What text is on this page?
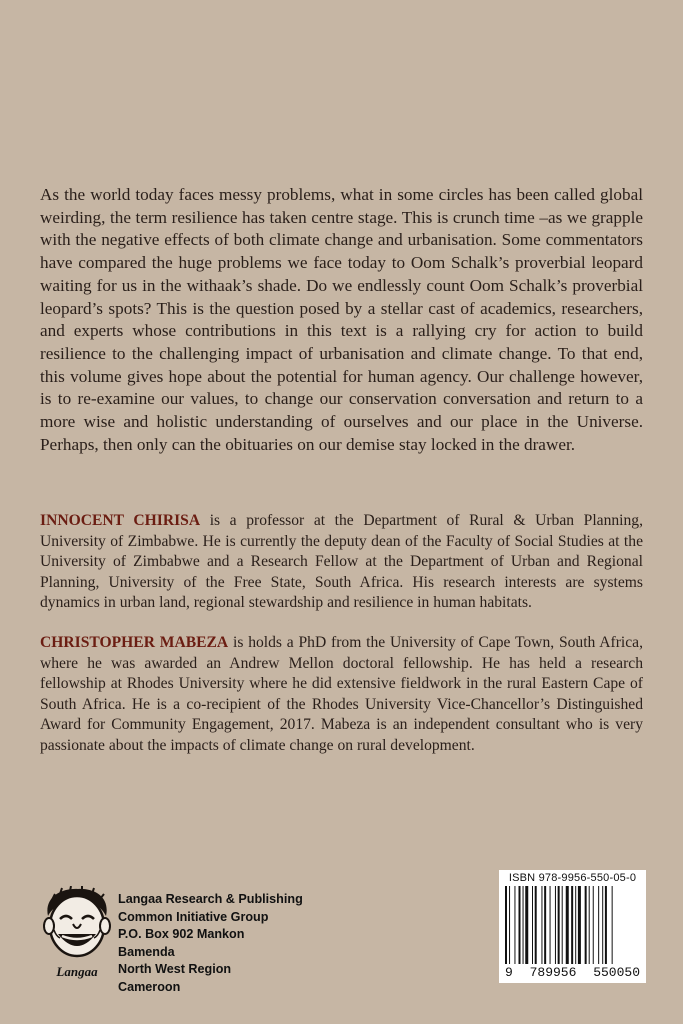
As the world today faces messy problems, what in some circles has been called global weirding, the term resilience has taken centre stage. This is crunch time –as we grapple with the negative effects of both climate change and urbanisation. Some commentators have compared the huge problems we face today to Oom Schalk’s proverbial leopard waiting for us in the withaak’s shade. Do we endlessly count Oom Schalk’s proverbial leopard’s spots? This is the question posed by a stellar cast of academics, researchers, and experts whose contributions in this text is a rallying cry for action to build resilience to the challenging impact of urbanisation and climate change. To that end, this volume gives hope about the potential for human agency. Our challenge however, is to re-examine our values, to change our conservation conversation and return to a more wise and holistic understanding of ourselves and our place in the Universe. Perhaps, then only can the obituaries on our demise stay locked in the drawer.

INNOCENT CHIRISA is a professor at the Department of Rural & Urban Planning, University of Zimbabwe. He is currently the deputy dean of the Faculty of Social Studies at the University of Zimbabwe and a Research Fellow at the Department of Urban and Regional Planning, University of the Free State, South Africa. His research interests are systems dynamics in urban land, regional stewardship and resilience in human habitats.

CHRISTOPHER MABEZA is holds a PhD from the University of Cape Town, South Africa, where he was awarded an Andrew Mellon doctoral fellowship. He has held a research fellowship at Rhodes University where he did extensive fieldwork in the rural Eastern Cape of South Africa. He is a co-recipient of the Rhodes University Vice-Chancellor’s Distinguished Award for Community Engagement, 2017. Mabeza is an independent consultant who is very passionate about the impacts of climate change on rural development.

Langaa
Langaa Research & Publishing
Common Initiative Group
P.O. Box 902 Mankon
Bamenda
North West Region
Cameroon
ISBN 978-9956-550-05-0
9 789956 550050
